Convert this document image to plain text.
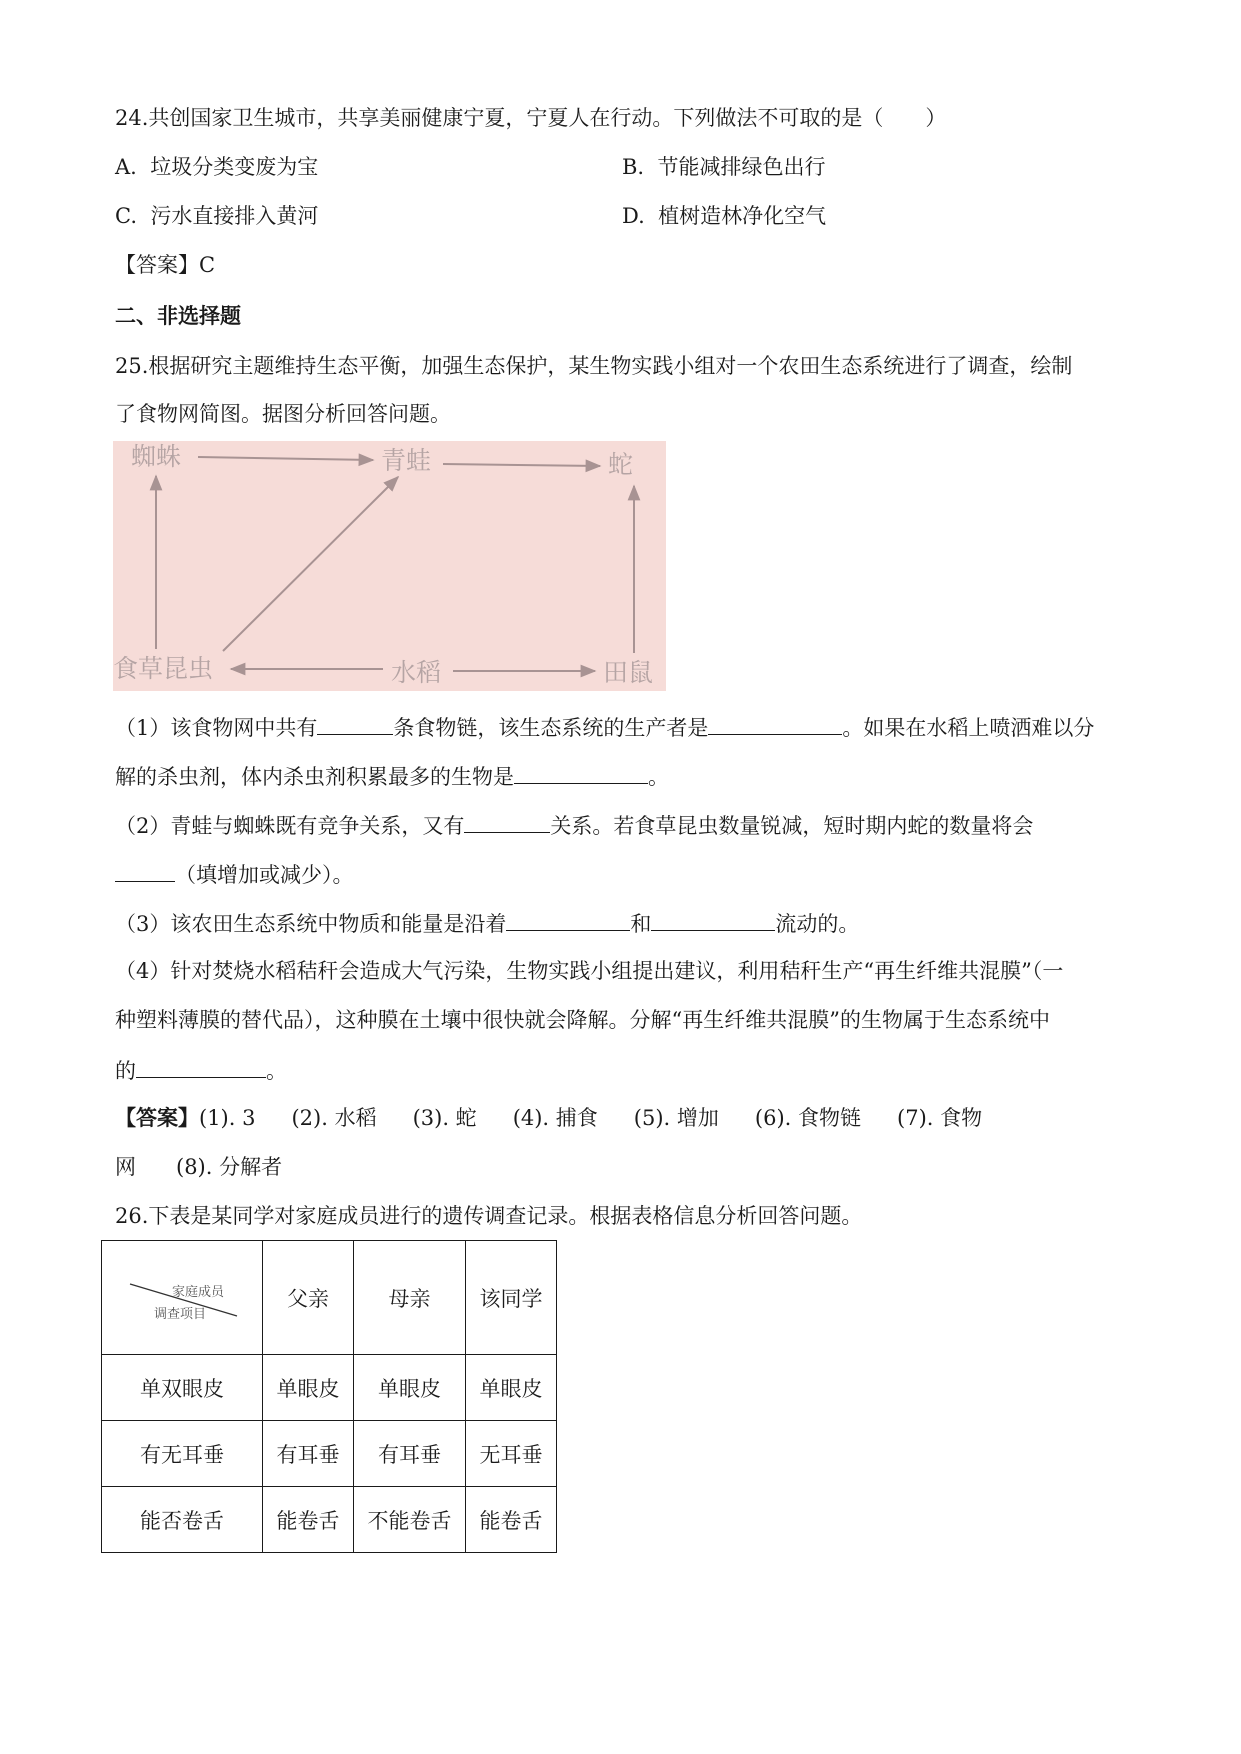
24.共创国家卫生城市，共享美丽健康宁夏，宁夏人在行动。下列做法不可取的是（　　）
A. 垃圾分类变废为宝	B. 节能减排绿色出行
C. 污水直接排入黄河	D. 植树造林净化空气
【答案】C
二、非选择题
25.根据研究主题维持生态平衡，加强生态保护，某生物实践小组对一个农田生态系统进行了调查，绘制
了食物网简图。据图分析回答问题。
蜘蛛	青蛙	蛇
食草昆虫	水稻	田鼠
（1）该食物网中共有	条食物链，该生态系统的生产者是	。如果在水稻上喷洒难以分
解的杀虫剂，体内杀虫剂积累最多的生物是	。
（2）青蛙与蜘蛛既有竞争关系，又有	关系。若食草昆虫数量锐减，短时期内蛇的数量将会
（填增加或减少）。
（3）该农田生态系统中物质和能量是沿着	和	流动的。
（4）针对焚烧水稻秸秆会造成大气污染，生物实践小组提出建议，利用秸秆生产“再生纤维共混膜”（一
种塑料薄膜的替代品），这种膜在土壤中很快就会降解。分解“再生纤维共混膜”的生物属于生态系统中
的	。
【答案】(1). 3 (2). 水稻 (3). 蛇 (4). 捕食 (5). 增加 (6). 食物链 (7). 食物
网 (8). 分解者
26.下表是某同学对家庭成员进行的遗传调查记录。根据表格信息分析回答问题。
家庭成员
调查项目	父亲	母亲	该同学
单双眼皮	单眼皮	单眼皮	单眼皮
有无耳垂	有耳垂	有耳垂	无耳垂
能否卷舌	能卷舌	不能卷舌	能卷舌
